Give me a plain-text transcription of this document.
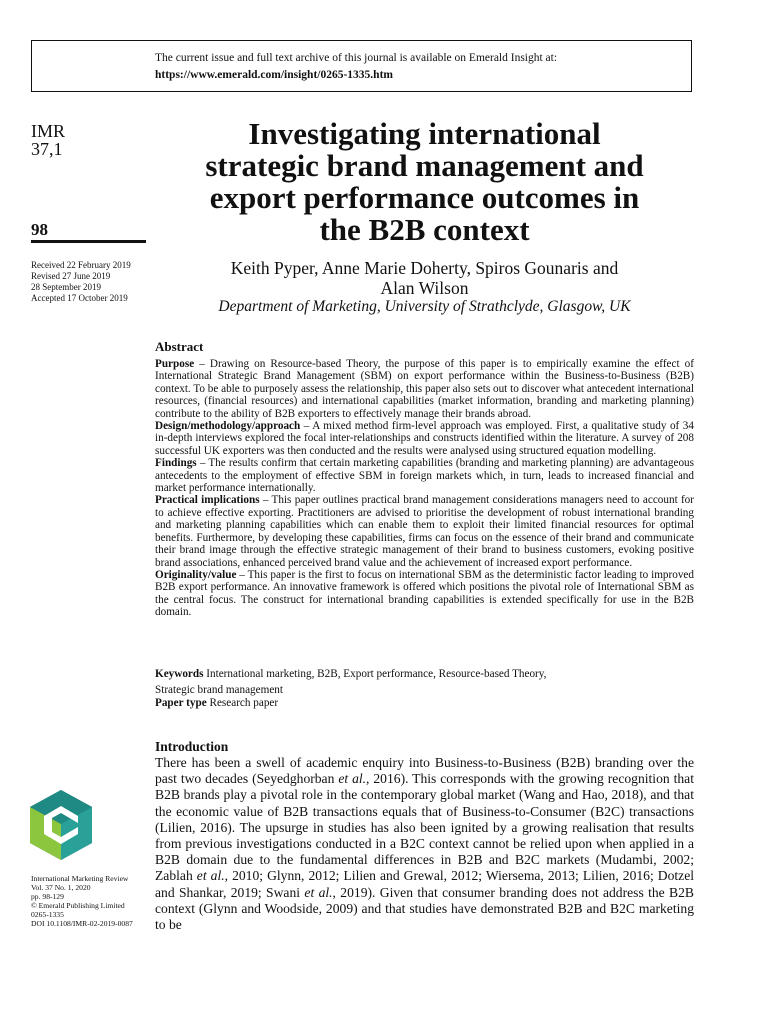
The current issue and full text archive of this journal is available on Emerald Insight at:
https://www.emerald.com/insight/0265-1335.htm
IMR
37,1
98
Received 22 February 2019
Revised 27 June 2019
28 September 2019
Accepted 17 October 2019
International Marketing Review
Vol. 37 No. 1, 2020
pp. 98-129
© Emerald Publishing Limited
0265-1335
DOI 10.1108/IMR-02-2019-0087
Investigating international
strategic brand management and
export performance outcomes in
the B2B context
Keith Pyper, Anne Marie Doherty, Spiros Gounaris and
Alan Wilson
Department of Marketing, University of Strathclyde, Glasgow, UK
Abstract

Purpose – Drawing on Resource-based Theory, the purpose of this paper is to empirically examine the effect of International Strategic Brand Management (SBM) on export performance within the Business-to-Business (B2B) context. To be able to purposely assess the relationship, this paper also sets out to discover what antecedent international resources, (financial resources) and international capabilities (market information, branding and marketing planning) contribute to the ability of B2B exporters to effectively manage their brands abroad.

Design/methodology/approach – A mixed method firm-level approach was employed. First, a qualitative study of 34 in-depth interviews explored the focal inter-relationships and constructs identified within the literature. A survey of 208 successful UK exporters was then conducted and the results were analysed using structured equation modelling.

Findings – The results confirm that certain marketing capabilities (branding and marketing planning) are advantageous antecedents to the employment of effective SBM in foreign markets which, in turn, leads to increased financial and market performance internationally.

Practical implications – This paper outlines practical brand management considerations managers need to account for to achieve effective exporting. Practitioners are advised to prioritise the development of robust international branding and marketing planning capabilities which can enable them to exploit their limited financial resources for optimal benefits. Furthermore, by developing these capabilities, firms can focus on the essence of their brand and communicate their brand image through the effective strategic management of their brand to business customers, evoking positive brand associations, enhanced perceived brand value and the achievement of increased export performance.

Originality/value – This paper is the first to focus on international SBM as the deterministic factor leading to improved B2B export performance. An innovative framework is offered which positions the pivotal role of International SBM as the central focus. The construct for international branding capabilities is extended specifically for use in the B2B domain.

Keywords International marketing, B2B, Export performance, Resource-based Theory,
Strategic brand management
Paper type Research paper
Introduction

There has been a swell of academic enquiry into Business-to-Business (B2B) branding over the past two decades (Seyedghorban et al., 2016). This corresponds with the growing recognition that B2B brands play a pivotal role in the contemporary global market (Wang and Hao, 2018), and that the economic value of B2B transactions equals that of Business-to-Consumer (B2C) transactions (Lilien, 2016). The upsurge in studies has also been ignited by a growing realisation that results from previous investigations conducted in a B2C context cannot be relied upon when applied in a B2B domain due to the fundamental differences in B2B and B2C markets (Mudambi, 2002; Zablah et al., 2010; Glynn, 2012; Lilien and Grewal, 2012; Wiersema, 2013; Lilien, 2016; Dotzel and Shankar, 2019; Swani et al., 2019). Given that consumer branding does not address the B2B context (Glynn and Woodside, 2009) and that studies have demonstrated B2B and B2C marketing to be
